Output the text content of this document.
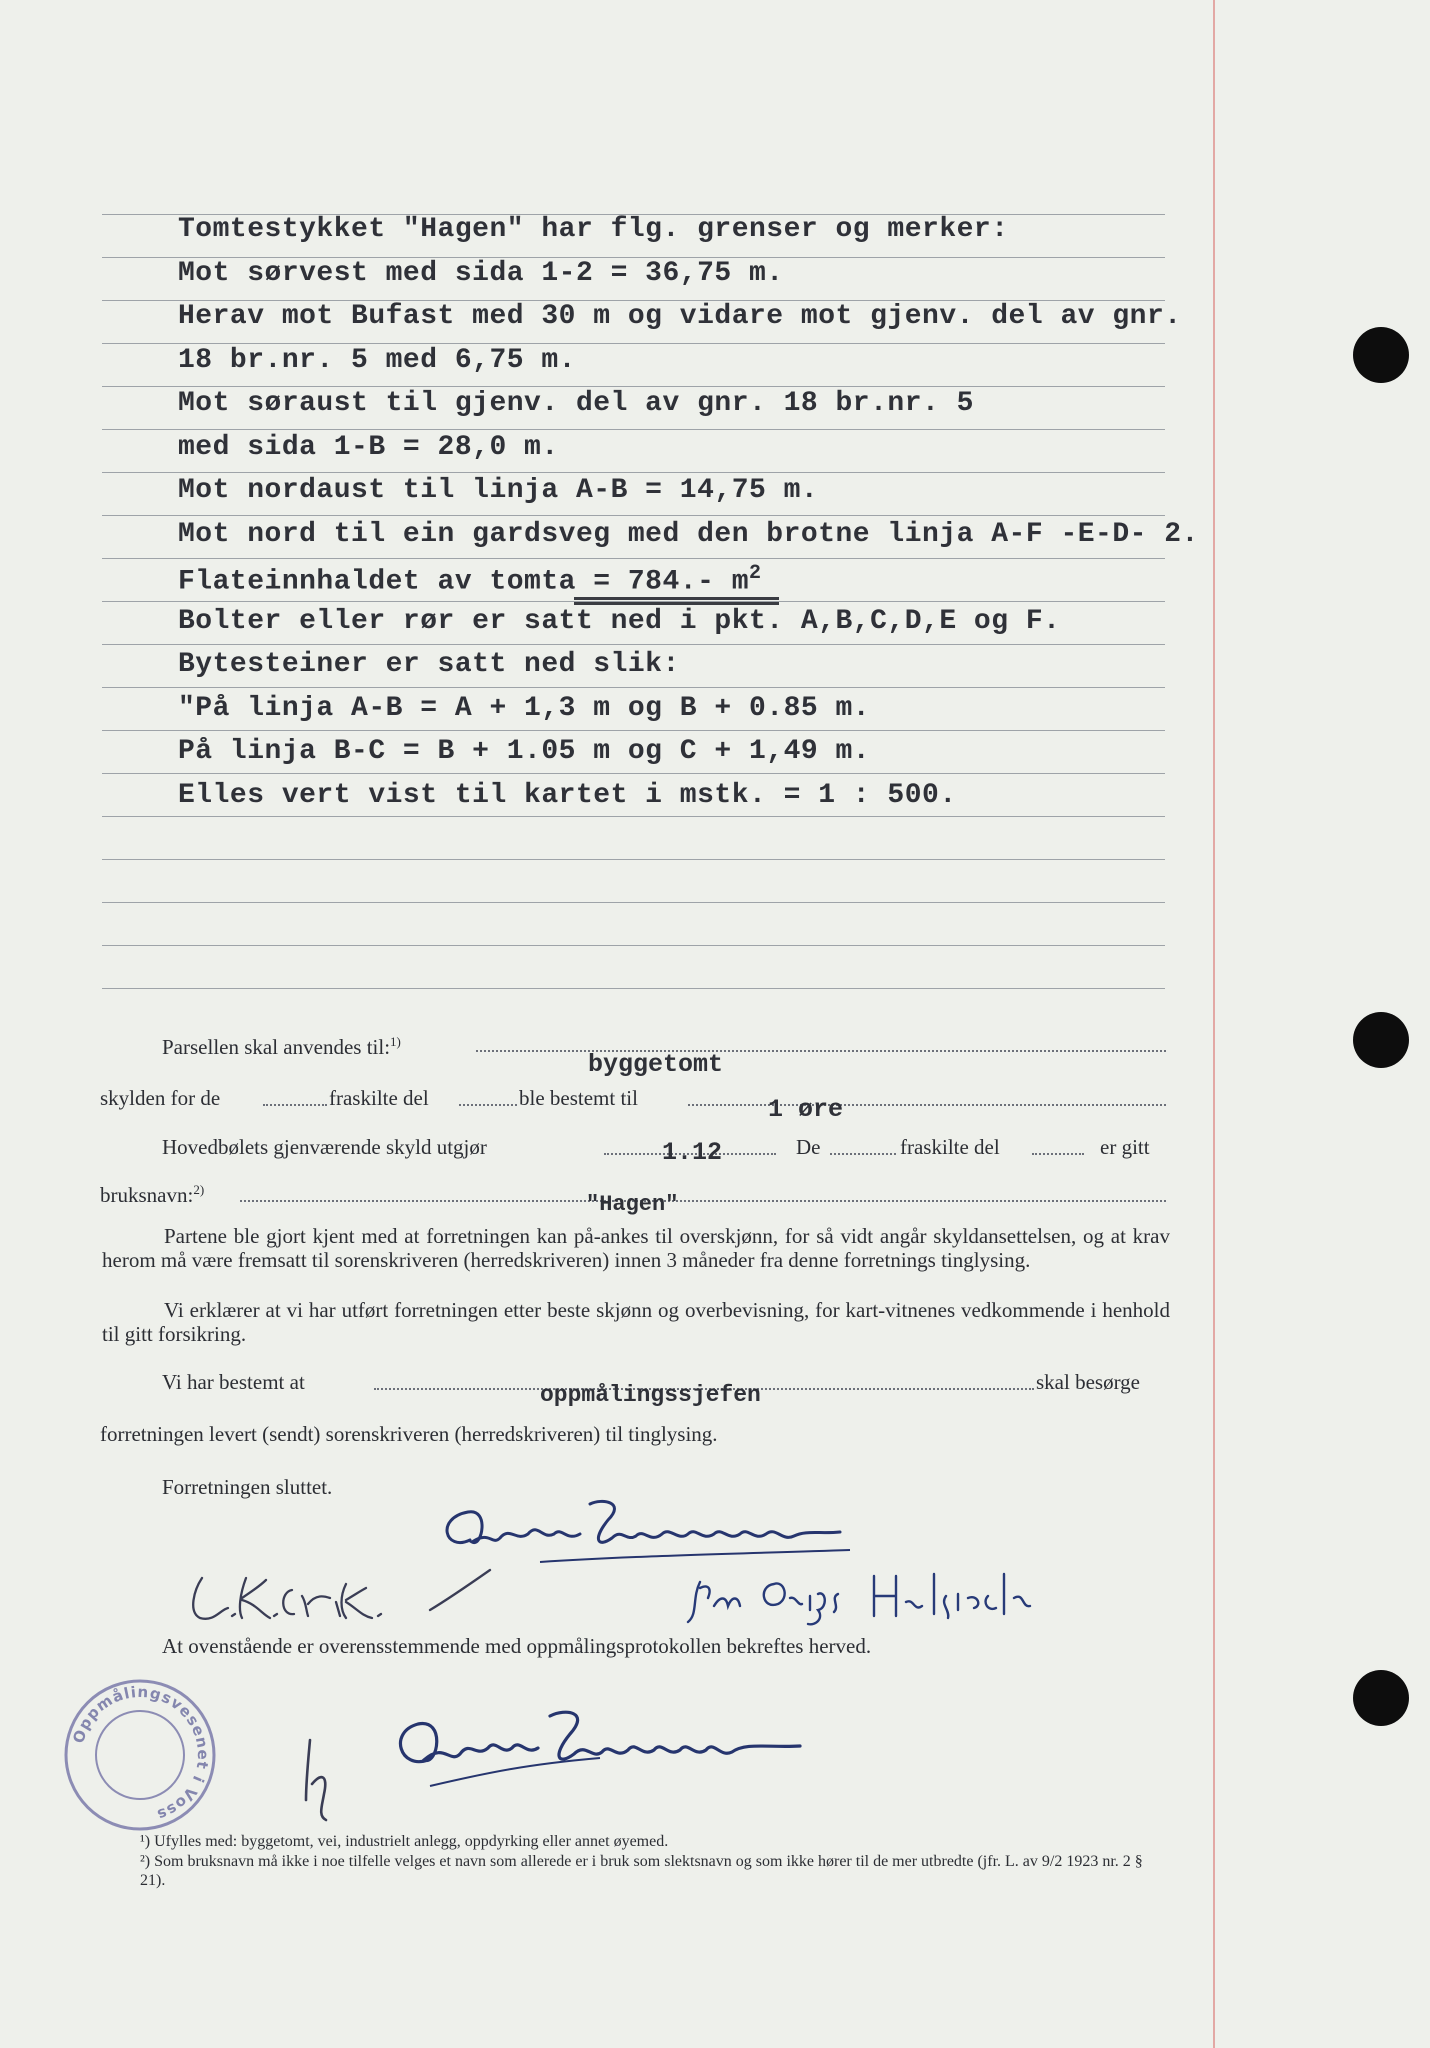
Tomtestykket "Hagen" har flg. grenser og merker:
Mot sørvest med sida 1-2 = 36,75 m.
Herav mot Bufast med 30 m og vidare mot gjenv. del av gnr.
18 br.nr. 5 med 6,75 m.
Mot søraust til gjenv. del av gnr. 18 br.nr. 5
med sida 1-B = 28,0 m.
Mot nordaust til linja A-B = 14,75 m.
Mot nord til ein gardsveg med den brotne linja A-F -E-D- 2.
Flateinnhaldet av tomta = 784.- $m^2$
Bolter eller rør er satt ned i pkt. A,B,C,D,E og F.
Bytesteiner er satt ned slik:
"På linja A-B = A + 1,3 m og B + 0.85 m.
På linja B-C = B + 1.05 m og C + 1,49 m.
Elles vert vist til kartet i mstk. = 1 : 500.
Parsellen skal anvendes til:$^{1)}$
byggetomt
skylden for de	fraskilte del	ble bestemt til	1 øre
Hovedbølets gjenværende skyld utgjør	1.12	De	fraskilte del	er gitt
bruksnavn:$^{2)}$
"Hagen"
Partene ble gjort kjent med at forretningen kan på-ankes til overskjønn, for så vidt angår skyldansettelsen, og at krav herom må være fremsatt til sorenskriveren (herredskriveren) innen 3 måneder fra denne forretnings tinglysing.
Vi erklærer at vi har utført forretningen etter beste skjønn og overbevisning, for kart-vitnenes vedkommende i henhold til gitt forsikring.
Vi har bestemt at	oppmålingssjefen	skal besørge
forretningen levert (sendt) sorenskriveren (herredskriveren) til tinglysing.
Forretningen sluttet.
At ovenstående er overensstemmende med oppmålingsprotokollen bekreftes herved.
Oppmålingsvesenet i Voss
¹) Ufylles med: byggetomt, vei, industrielt anlegg, oppdyrking eller annet øyemed.
²) Som bruksnavn må ikke i noe tilfelle velges et navn som allerede er i bruk som slektsnavn og som ikke hører til de mer utbredte (jfr. L. av 9/2 1923 nr. 2 § 21).
